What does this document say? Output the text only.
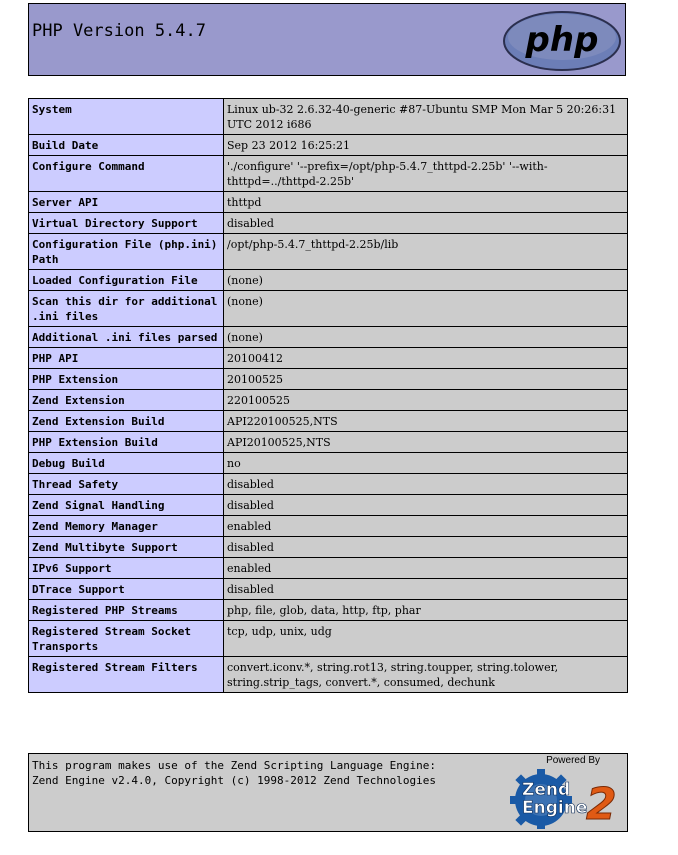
PHP Version 5.4.7	php
System	Linux ub-32 2.6.32-40-generic #87-Ubuntu SMP Mon Mar 5 20:26:31 UTC 2012 i686
Build Date	Sep 23 2012 16:25:21
Configure Command	'./configure' '--prefix=/opt/php-5.4.7_thttpd-2.25b' '--with-thttpd=../thttpd-2.25b'
Server API	thttpd
Virtual Directory Support	disabled
Configuration File (php.ini) Path	/opt/php-5.4.7_thttpd-2.25b/lib
Loaded Configuration File	(none)
Scan this dir for additional .ini files	(none)
Additional .ini files parsed	(none)
PHP API	20100412
PHP Extension	20100525
Zend Extension	220100525
Zend Extension Build	API220100525,NTS
PHP Extension Build	API20100525,NTS
Debug Build	no
Thread Safety	disabled
Zend Signal Handling	disabled
Zend Memory Manager	enabled
Zend Multibyte Support	disabled
IPv6 Support	enabled
DTrace Support	disabled
Registered PHP Streams	php, file, glob, data, http, ftp, phar
Registered Stream Socket Transports	tcp, udp, unix, udg
Registered Stream Filters	convert.iconv.*, string.rot13, string.toupper, string.tolower, string.strip_tags, convert.*, consumed, dechunk
This program makes use of the Zend Scripting Language Engine:
Zend Engine v2.4.0, Copyright (c) 1998-2012 Zend Technologies
Powered By
Zend
Engine
2
